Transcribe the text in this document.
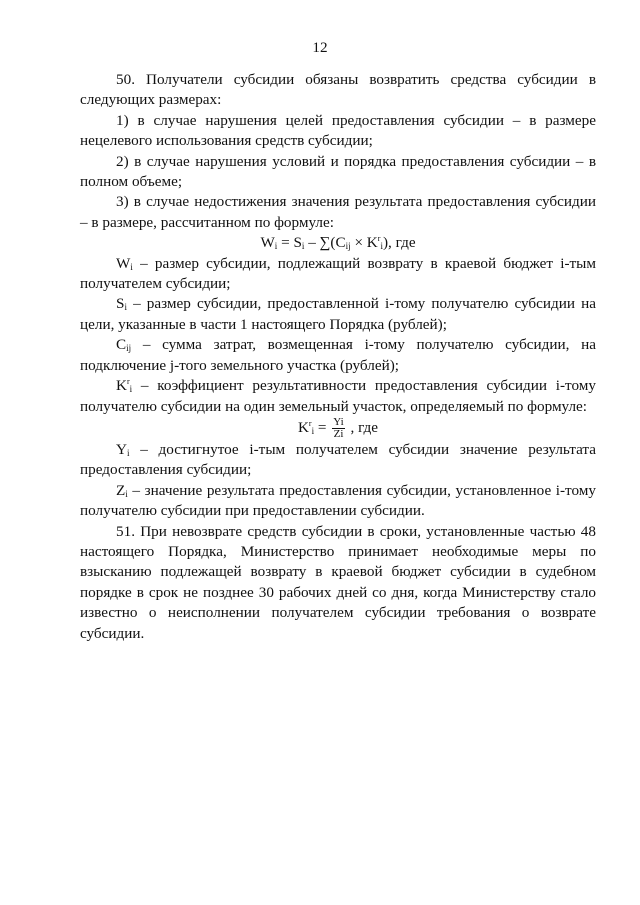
12

50. Получатели субсидии обязаны возвратить средства субсидии в следующих размерах:

1) в случае нарушения целей предоставления субсидии – в размере нецелевого использования средств субсидии;

2) в случае нарушения условий и порядка предоставления субсидии – в полном объеме;

3) в случае недостижения значения результата предоставления субсидии – в размере, рассчитанном по формуле:

$W_i = S_i - \sum(C_{ij} \times K^r_i)$, где

$W_i$ – размер субсидии, подлежащий возврату в краевой бюджет i-тым получателем субсидии;

$S_i$ – размер субсидии, предоставленной i-тому получателю субсидии на цели, указанные в части 1 настоящего Порядка (рублей);

$C_{ij}$ – сумма затрат, возмещенная i-тому получателю субсидии, на подключение j-того земельного участка (рублей);

$K^r_i$ – коэффициент результативности предоставления субсидии i-тому получателю субсидии на один земельный участок, определяемый по формуле:

$K^r_i = \frac{Yi}{Zi}$ , где

$Y_i$ – достигнутое i-тым получателем субсидии значение результата предоставления субсидии;

$Z_i$ – значение результата предоставления субсидии, установленное i-тому получателю субсидии при предоставлении субсидии.

51. При невозврате средств субсидии в сроки, установленные частью 48 настоящего Порядка, Министерство принимает необходимые меры по взысканию подлежащей возврату в краевой бюджет субсидии в судебном порядке в срок не позднее 30 рабочих дней со дня, когда Министерству стало известно о неисполнении получателем субсидии требования о возврате субсидии.
